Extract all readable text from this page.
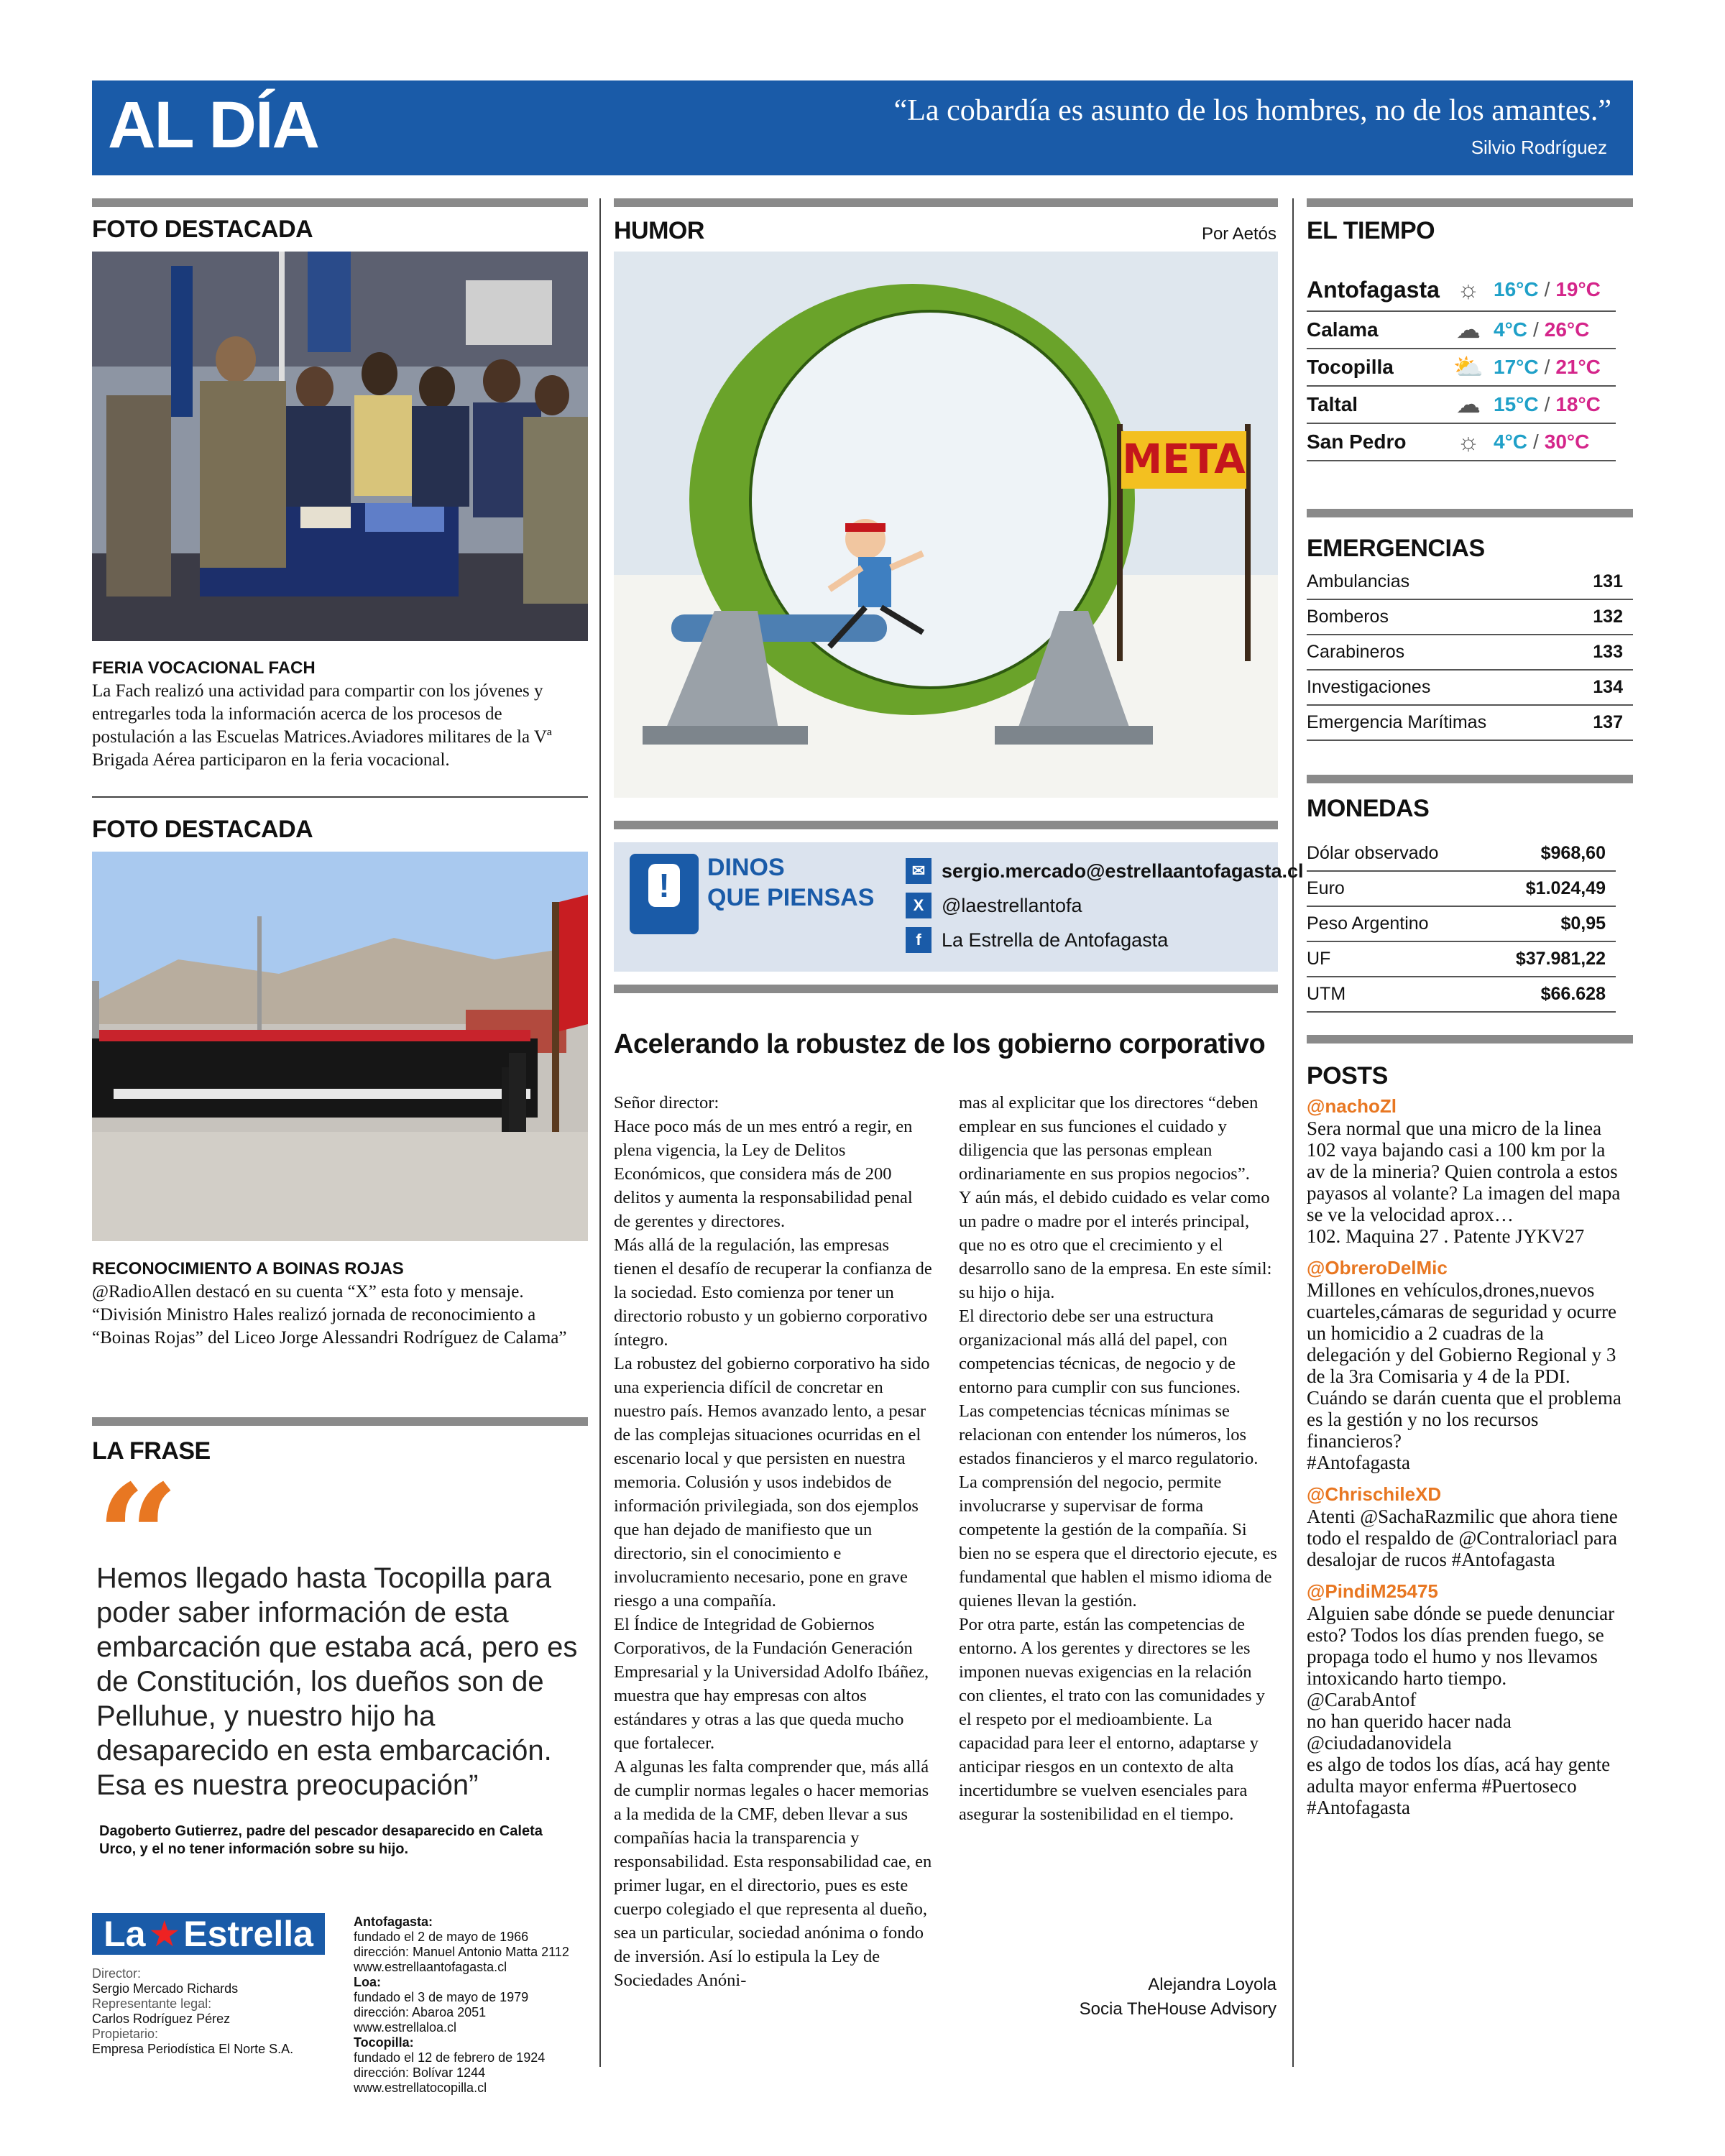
AL DÍA	“La cobardía es asunto de los hombres, no de los amantes.”
Silvio Rodríguez
FOTO DESTACADA
FERIA VOCACIONAL FACH
La Fach realizó una actividad para compartir con los jóvenes y entregarles toda la información acerca de los procesos de postulación a las Escuelas Matrices.Aviadores militares de la Vª Brigada Aérea participaron en la feria vocacional.
FOTO DESTACADA
RECONOCIMIENTO A BOINAS ROJAS
@RadioAllen destacó en su cuenta “X” esta foto y mensaje. “División Ministro Hales realizó jornada de reconocimiento a “Boinas Rojas” del Liceo Jorge Alessandri Rodríguez de Calama”
LA FRASE
“
Hemos llegado hasta Tocopilla para poder saber información de esta embarcación que estaba acá, pero es de Constitución, los dueños son de Pelluhue, y nuestro hijo ha desaparecido en esta embarcación. Esa es nuestra preocupación”
Dagoberto Gutierrez, padre del pescador desaparecido en Caleta Urco, y el no tener información sobre su hijo.
La ★ Estrella
Director:
Sergio Mercado Richards
Representante legal:
Carlos Rodríguez Pérez
Propietario:
Empresa Periodística El Norte S.A.
Antofagasta:
fundado el 2 de mayo de 1966
dirección: Manuel Antonio Matta 2112
www.estrellaantofagasta.cl
Loa:
fundado el 3 de mayo de 1979
dirección: Abaroa 2051
www.estrellaloa.cl
Tocopilla:
fundado el 12 de febrero de 1924
dirección: Bolívar 1244
www.estrellatocopilla.cl
HUMOR	Por Aetós
META
!	DINOS
QUE PIENSAS
✉ sergio.mercado@estrellaantofagasta.cl
X @laestrellantofa
f	La Estrella de Antofagasta
Acelerando la robustez de los gobierno corporativo

Señor director:

Hace poco más de un mes entró a regir, en plena vigencia, la Ley de Delitos Económicos, que considera más de 200 delitos y aumenta la responsabilidad penal de gerentes y directores.

Más allá de la regulación, las empresas tienen el desafío de recuperar la confianza de la sociedad. Esto comienza por tener un directorio robusto y un gobierno corporativo íntegro.

La robustez del gobierno corporativo ha sido una experiencia difícil de concretar en nuestro país. Hemos avanzado lento, a pesar de las complejas situaciones ocurridas en el escenario local y que persisten en nuestra memoria. Colusión y usos indebidos de información privilegiada, son dos ejemplos que han dejado de manifiesto que un directorio, sin el conocimiento e involucramiento necesario, pone en grave riesgo a una compañía.

El Índice de Integridad de Gobiernos Corporativos, de la Fundación Generación Empresarial y la Universidad Adolfo Ibáñez, muestra que hay empresas con altos estándares y otras a las que queda mucho que fortalecer.

A algunas les falta comprender que, más allá de cumplir normas legales o hacer memorias a la medida de la CMF, deben llevar a sus compañías hacia la transparencia y responsabilidad. Esta responsabilidad cae, en primer lugar, en el directorio, pues es este cuerpo colegiado el que representa al dueño, sea un particular, sociedad anónima o fondo de inversión. Así lo estipula la Ley de Sociedades Anóni-

mas al explicitar que los directores “deben emplear en sus funciones el cuidado y diligencia que las personas emplean ordinariamente en sus propios negocios”.

Y aún más, el debido cuidado es velar como un padre o madre por el interés principal, que no es otro que el crecimiento y el desarrollo sano de la empresa. En este símil: su hijo o hija.

El directorio debe ser una estructura organizacional más allá del papel, con competencias técnicas, de negocio y de entorno para cumplir con sus funciones.

Las competencias técnicas mínimas se relacionan con entender los números, los estados financieros y el marco regulatorio. La comprensión del negocio, permite involucrarse y supervisar de forma competente la gestión de la compañía. Si bien no se espera que el directorio ejecute, es fundamental que hablen el mismo idioma de quienes llevan la gestión.

Por otra parte, están las competencias de entorno. A los gerentes y directores se les imponen nuevas exigencias en la relación con clientes, el trato con las comunidades y el respeto por el medioambiente. La capacidad para leer el entorno, adaptarse y anticipar riesgos en un contexto de alta incertidumbre se vuelven esenciales para asegurar la sostenibilidad en el tiempo.

Alejandra Loyola
Socia TheHouse Advisory
EL TIEMPO
Antofagasta ☼ 16°C / 19°C
Calama	☁ 4°C / 26°C
Tocopilla	⛅ 17°C / 21°C
Taltal	☁ 15°C / 18°C
San Pedro	☼ 4°C / 30°C
EMERGENCIAS
Ambulancias	131
Bomberos	132
Carabineros	133
Investigaciones	134
Emergencia Marítimas	137
MONEDAS
Dólar observado	$968,60
Euro	$1.024,49
Peso Argentino	$0,95
UF	$37.981,22
UTM	$66.628
POSTS
@nachoZl
Sera normal que una micro de la linea 102 vaya bajando casi a 100 km por la av de la mineria? Quien controla a estos payasos al volante? La imagen del mapa se ve la velocidad aprox…
102. Maquina 27 . Patente JYKV27
@ObreroDelMic
Millones en vehículos,drones,nuevos cuarteles,cámaras de seguridad y ocurre un homicidio a 2 cuadras de la delegación y del Gobierno Regional y 3 de la 3ra Comisaria y 4 de la PDI. Cuándo se darán cuenta que el problema es la gestión y no los recursos financieros?
#Antofagasta
@ChrischileXD
Atenti @SachaRazmilic que ahora tiene todo el respaldo de @Contraloriacl para desalojar de rucos #Antofagasta
@PindiM25475
Alguien sabe dónde se puede denunciar esto? Todos los días prenden fuego, se propaga todo el humo y nos llevamos intoxicando harto tiempo.
@CarabAntof
no han querido hacer nada
@ciudadanovidela
es algo de todos los días, acá hay gente adulta mayor enferma #Puertoseco #Antofagasta
